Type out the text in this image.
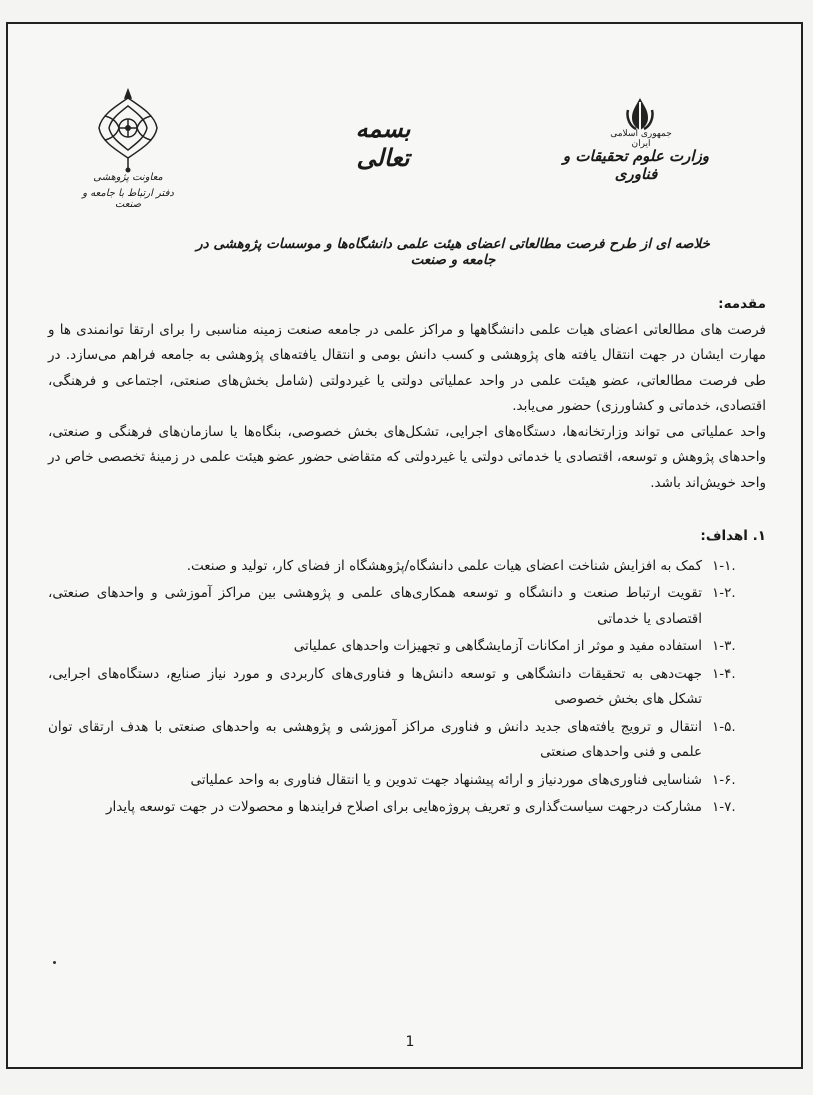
جمهوری اسلامی ایران
وزارت علوم تحقیقات و فناوری
بسمه تعالی
معاونت پژوهشی
دفتر ارتباط با جامعه و صنعت
خلاصه ای از طرح فرصت مطالعاتی اعضای هیئت علمی دانشگاه‌ها و موسسات پژوهشی در جامعه و صنعت

مقدمه:

فرصت های مطالعاتی اعضای هیات علمی دانشگاهها و مراکز علمی در جامعه صنعت زمینه مناسبی را برای ارتقا توانمندی ها و مهارت ایشان در جهت انتقال یافته های پژوهشی و کسب دانش بومی و انتقال یافته‌های پژوهشی به جامعه فراهم می‌سازد. در طی فرصت مطالعاتی، عضو هیئت علمی در واحد عملیاتی دولتی یا غیردولتی (شامل بخش‌های صنعتی، اجتماعی و فرهنگی، اقتصادی، خدماتی و کشاورزی) حضور می‌یابد.

واحد عملیاتی می تواند وزارتخانه‌ها، دستگاه‌های اجرایی، تشکل‌های بخش خصوصی، بنگاه‌ها یا سازمان‌های فرهنگی و صنعتی، واحدهای پژوهش و توسعه، اقتصادی یا خدماتی دولتی یا غیردولتی که متقاضی حضور عضو هیئت علمی در زمینهٔ تخصصی خاص در واحد خویش‌اند باشد.

۱. اهداف:

۱-۱.
کمک به افزایش شناخت اعضای هیات علمی دانشگاه/پژوهشگاه از فضای کار، تولید و صنعت.
۱-۲.
تقویت ارتباط صنعت و دانشگاه و توسعه همکاری‌های علمی و پژوهشی بین مراکز آموزشی و واحدهای صنعتی، اقتصادی یا خدماتی
۱-۳.
استفاده مفید و موثر از امکانات آزمایشگاهی و تجهیزات واحدهای عملیاتی
۱-۴.
جهت‌دهی به تحقیقات دانشگاهی و توسعه دانش‌ها و فناوری‌های کاربردی و مورد نیاز صنایع، دستگاه‌های اجرایی، تشکل های بخش خصوصی
۱-۵.
انتقال و ترویج یافته‌های جدید دانش و فناوری مراکز آموزشی و پژوهشی به واحدهای صنعتی با هدف ارتقای توان علمی و فنی واحدهای صنعتی
۱-۶.
شناسایی فناوری‌های موردنیاز و ارائه پیشنهاد جهت تدوین و یا انتقال فناوری به واحد عملیاتی
۱-۷.
مشارکت درجهت سیاست‌گذاری و تعریف پروژه‌هایی برای اصلاح فرایندها و محصولات در جهت توسعه پایدار
1
